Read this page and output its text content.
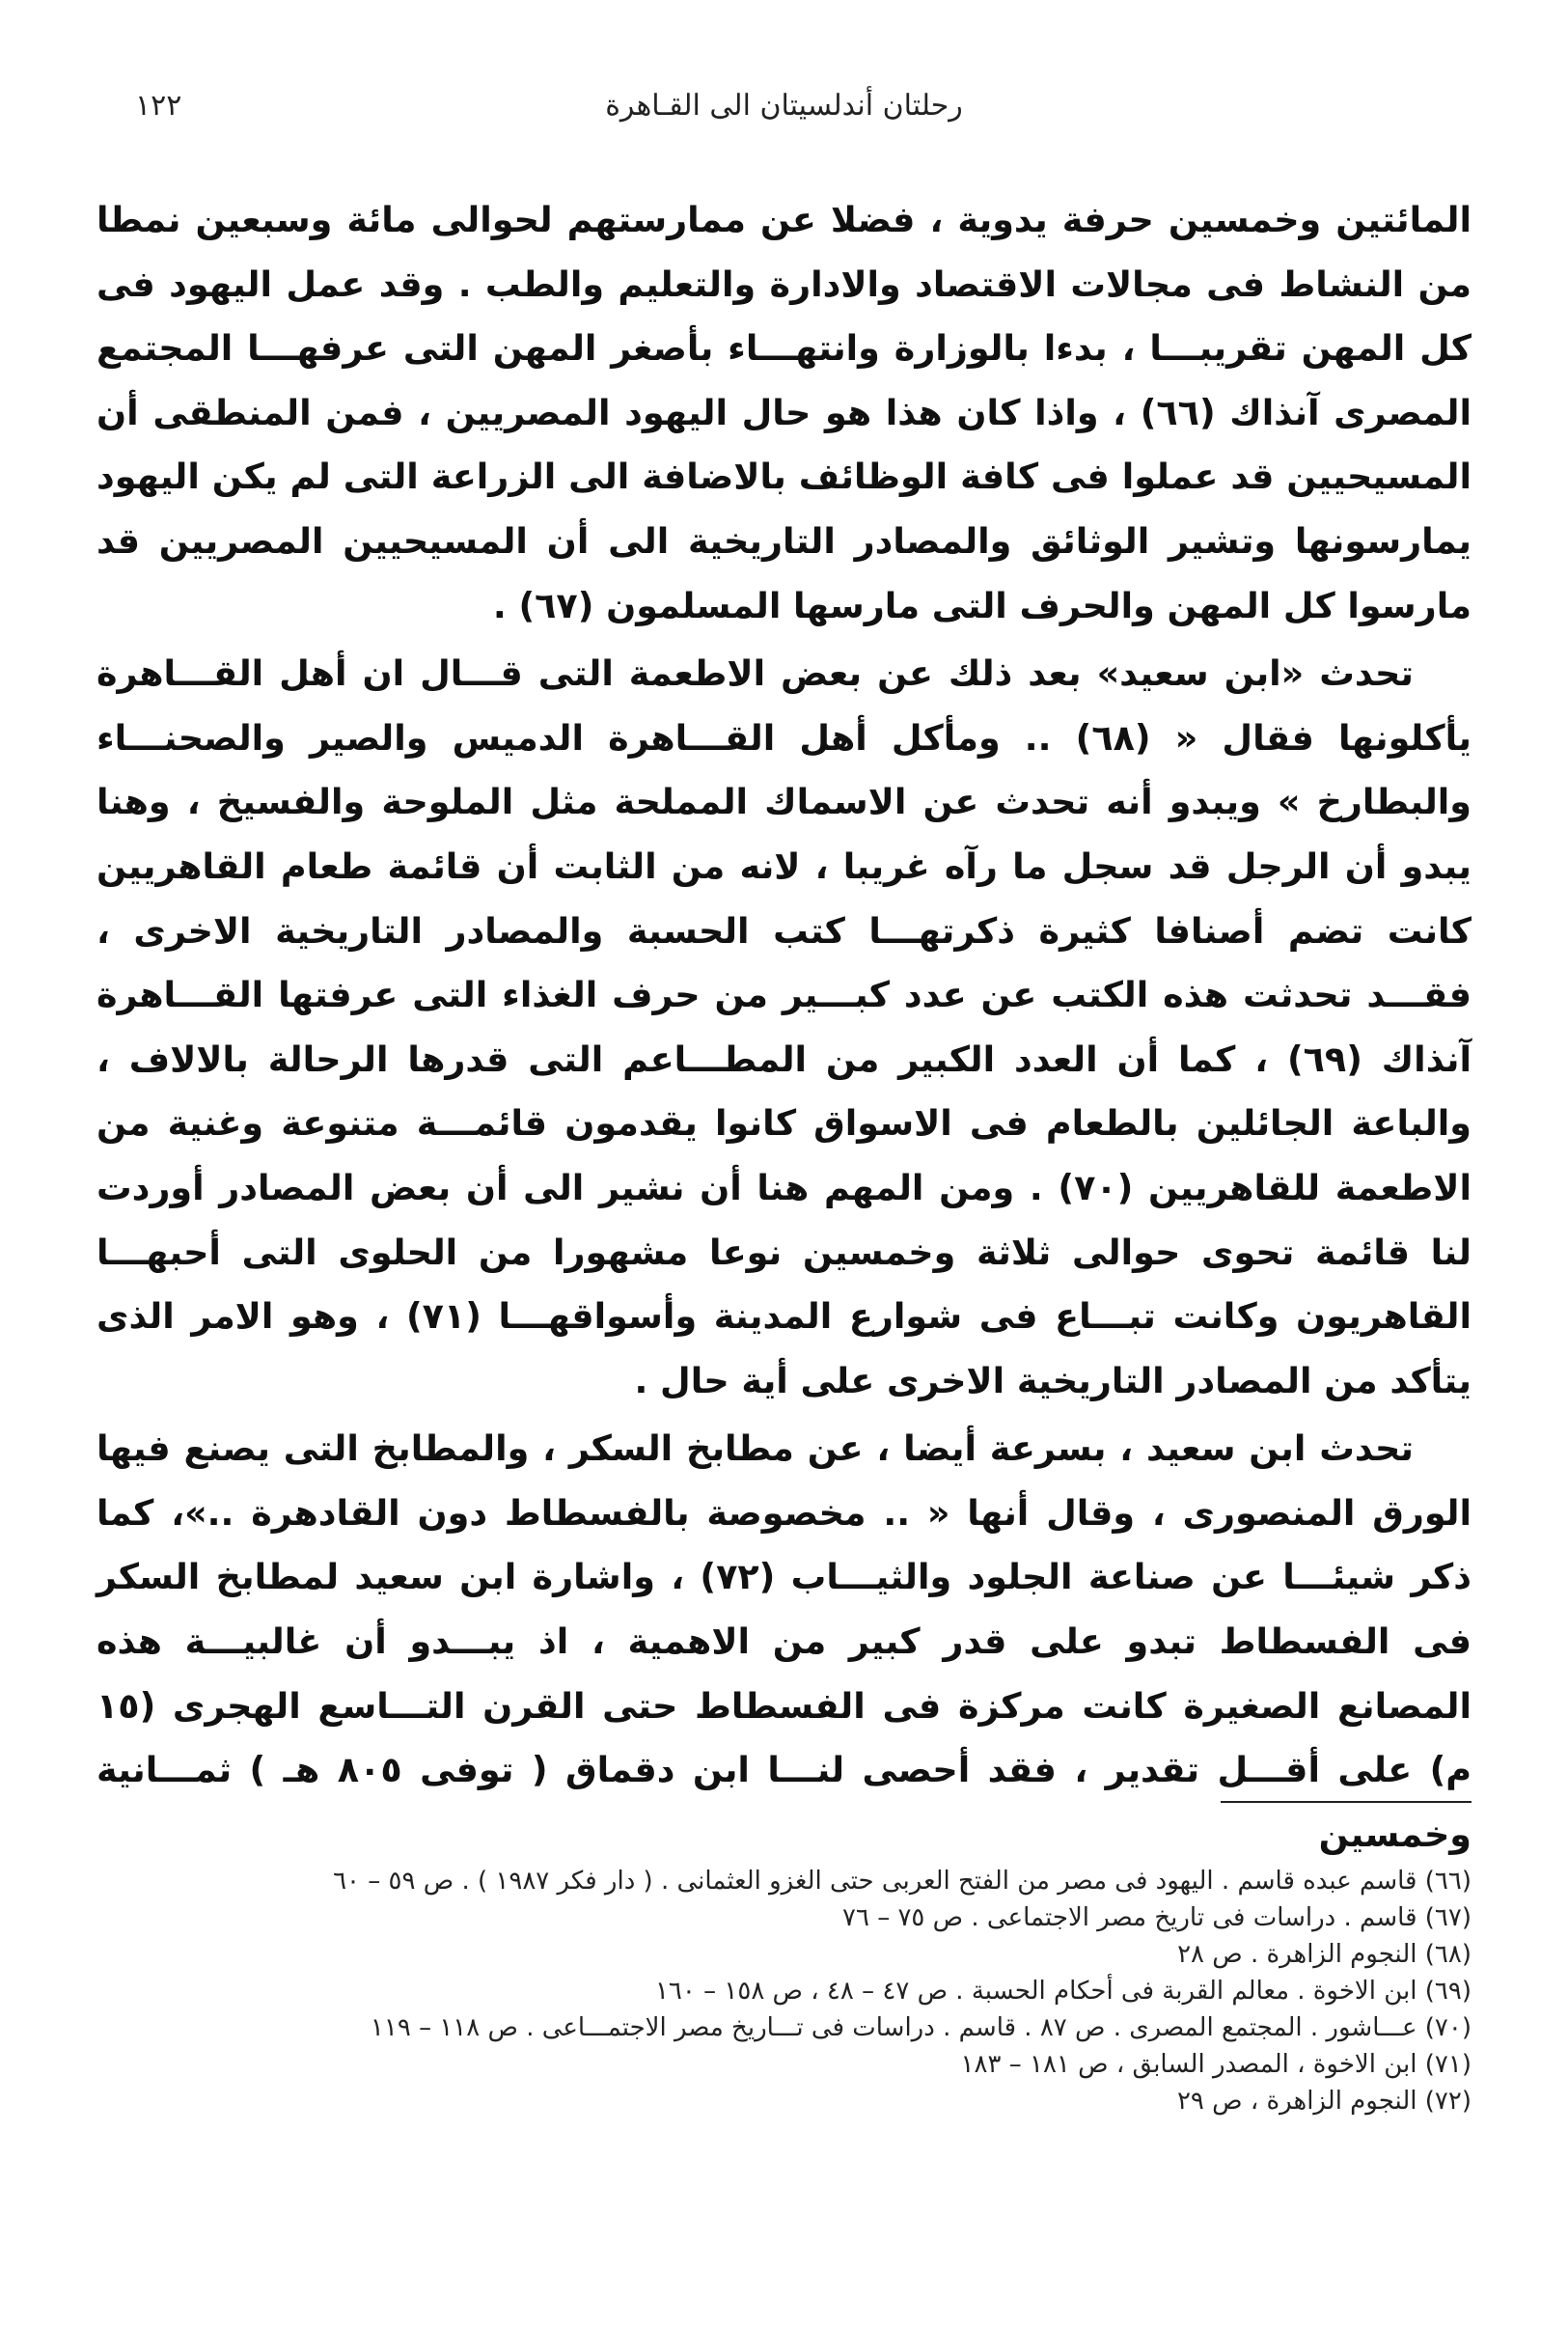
رحلتان أندلسيتان الى القـاهرة
١٢٢

المائتين وخمسين حرفة يدوية ، فضلا عن ممارستهم لحوالى مائة وسبعين نمطا من النشاط فى مجالات الاقتصاد والادارة والتعليم والطب . وقد عمل اليهود فى كل المهن تقريبـــا ، بدءا بالوزارة وانتهـــاء بأصغر المهن التى عرفهـــا المجتمع المصرى آنذاك (٦٦) ، واذا كان هذا هو حال اليهود المصريين ، فمن المنطقى أن المسيحيين قد عملوا فى كافة الوظائف بالاضافة الى الزراعة التى لم يكن اليهود يمارسونها وتشير الوثائق والمصادر التاريخية الى أن المسيحيين المصريين قد مارسوا كل المهن والحرف التى مارسها المسلمون (٦٧) .

تحدث «ابن سعيد» بعد ذلك عن بعض الاطعمة التى قـــال ان أهل القـــاهرة يأكلونها فقال « (٦٨) .. ومأكل أهل القـــاهرة الدميس والصير والصحنـــاء والبطارخ » ويبدو أنه تحدث عن الاسماك المملحة مثل الملوحة والفسيخ ، وهنا يبدو أن الرجل قد سجل ما رآه غريبا ، لانه من الثابت أن قائمة طعام القاهريين كانت تضم أصنافا كثيرة ذكرتهـــا كتب الحسبة والمصادر التاريخية الاخرى ، فقـــد تحدثت هذه الكتب عن عدد كبـــير من حرف الغذاء التى عرفتها القـــاهرة آنذاك (٦٩) ، كما أن العدد الكبير من المطـــاعم التى قدرها الرحالة بالالاف ، والباعة الجائلين بالطعام فى الاسواق كانوا يقدمون قائمـــة متنوعة وغنية من الاطعمة للقاهريين (٧٠) . ومن المهم هنا أن نشير الى أن بعض المصادر أوردت لنا قائمة تحوى حوالى ثلاثة وخمسين نوعا مشهورا من الحلوى التى أحبهـــا القاهريون وكانت تبـــاع فى شوارع المدينة وأسواقهـــا (٧١) ، وهو الامر الذى يتأكد من المصادر التاريخية الاخرى على أية حال .

تحدث ابن سعيد ، بسرعة أيضا ، عن مطابخ السكر ، والمطابخ التى يصنع فيها الورق المنصورى ، وقال أنها « .. مخصوصة بالفسطاط دون القادهرة ..»، كما ذكر شيئـــا عن صناعة الجلود والثيـــاب (٧٢) ، واشارة ابن سعيد لمطابخ السكر فى الفسطاط تبدو على قدر كبير من الاهمية ، اذ يبـــدو أن غالبيـــة هذه المصانع الصغيرة كانت مركزة فى الفسطاط حتى القرن التـــاسع الهجرى (١٥ م) على أقـــل تقدير ، فقد أحصى لنـــا ابن دقماق ( توفى ٨٠٥ هـ ) ثمـــانية وخمسين

(٦٦) قاسم عبده قاسم . اليهود فى مصر من الفتح العربى حتى الغزو العثمانى . ( دار فكر ١٩٨٧ ) . ص ٥٩ – ٦٠

(٦٧) قاسم . دراسات فى تاريخ مصر الاجتماعى . ص ٧٥ – ٧٦

(٦٨) النجوم الزاهرة . ص ٢٨

(٦٩) ابن الاخوة . معالم القربة فى أحكام الحسبة . ص ٤٧ – ٤٨ ، ص ١٥٨ – ١٦٠

(٧٠) عـــاشور . المجتمع المصرى . ص ٨٧ . قاسم . دراسات فى تـــاريخ مصر الاجتمـــاعى . ص ١١٨ – ١١٩

(٧١) ابن الاخوة ، المصدر السابق ، ص ١٨١ – ١٨٣

(٧٢) النجوم الزاهرة ، ص ٢٩
